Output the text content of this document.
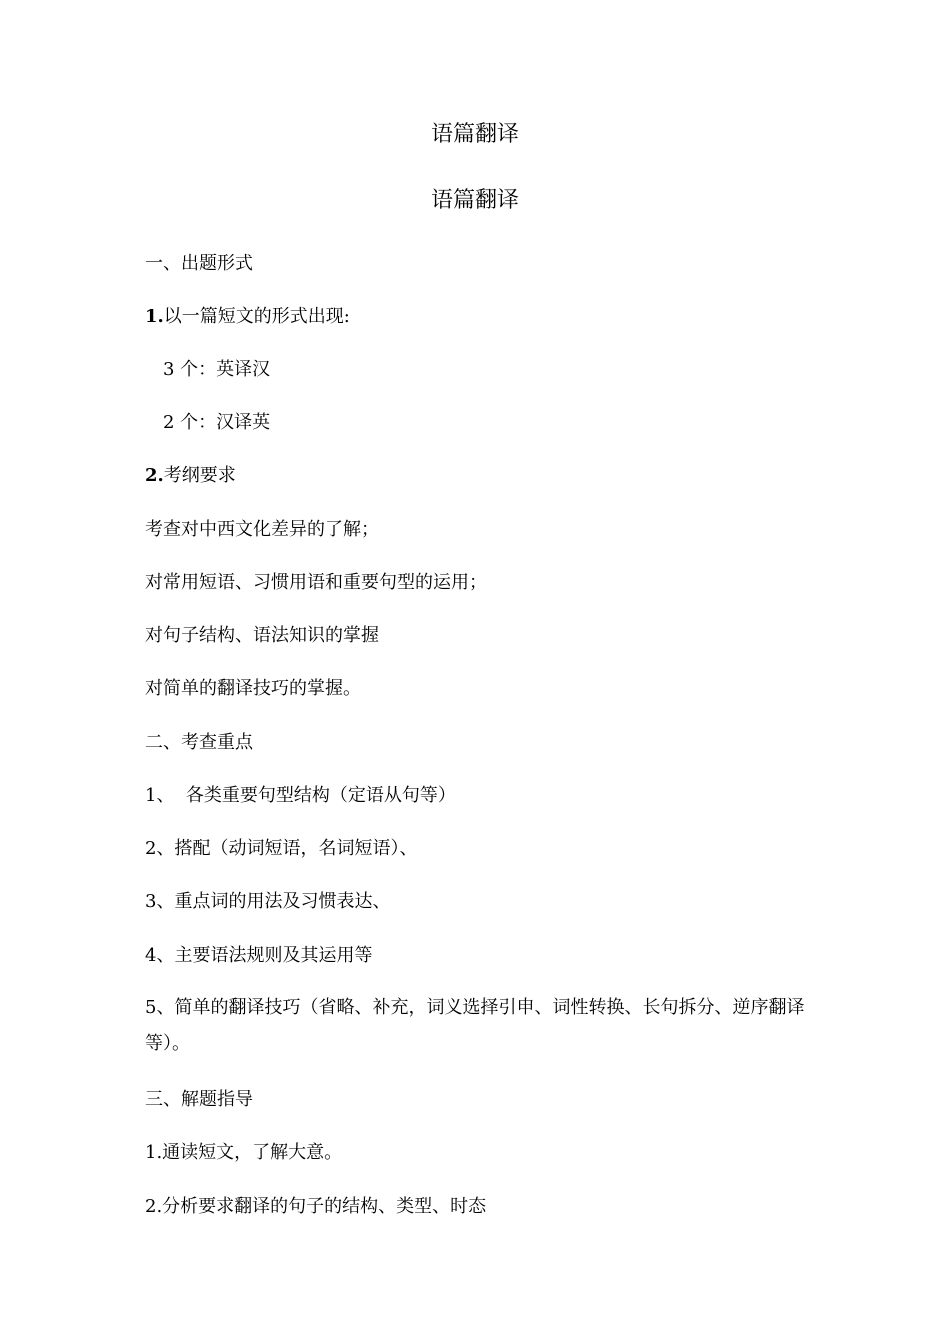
语篇翻译
语篇翻译

一、出题形式

1.以一篇短文的形式出现:

3 个：英译汉

2 个：汉译英

2.考纲要求

考查对中西文化差异的了解；

对常用短语、习惯用语和重要句型的运用；

对句子结构、语法知识的掌握

对简单的翻译技巧的掌握。

二、考查重点

1、  各类重要句型结构（定语从句等）

2、搭配（动词短语，名词短语）、

3、重点词的用法及习惯表达、

4、主要语法规则及其运用等

5、简单的翻译技巧（省略、补充，词义选择引申、词性转换、长句拆分、逆序翻译等）。

三、解题指导

1.通读短文，了解大意。

2.分析要求翻译的句子的结构、类型、时态
